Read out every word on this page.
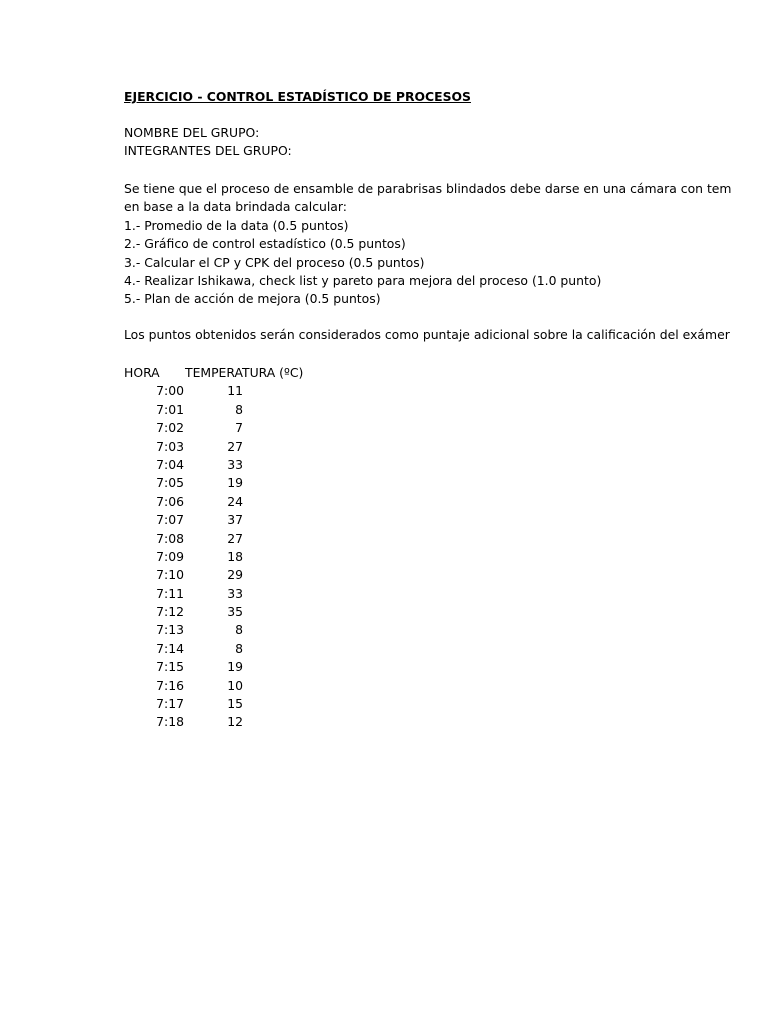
EJERCICIO - CONTROL ESTADÍSTICO DE PROCESOS
NOMBRE DEL GRUPO:
INTEGRANTES DEL GRUPO:
Se tiene que el proceso de ensamble de parabrisas blindados debe darse en una cámara con tem
en base a la data brindada calcular:
1.- Promedio de la data (0.5 puntos)
2.- Gráfico de control estadístico (0.5 puntos)
3.- Calcular el CP y CPK del proceso (0.5 puntos)
4.- Realizar Ishikawa, check list y pareto para mejora del proceso (1.0 punto)
5.- Plan de acción de mejora (0.5 puntos)
Los puntos obtenidos serán considerados como puntaje adicional sobre la calificación del exámer
HORA TEMPERATURA (ºC)
7:00	11
7:01	8
7:02	7
7:03	27
7:04	33
7:05	19
7:06	24
7:07	37
7:08	27
7:09	18
7:10	29
7:11	33
7:12	35
7:13	8
7:14	8
7:15	19
7:16	10
7:17	15
7:18	12
